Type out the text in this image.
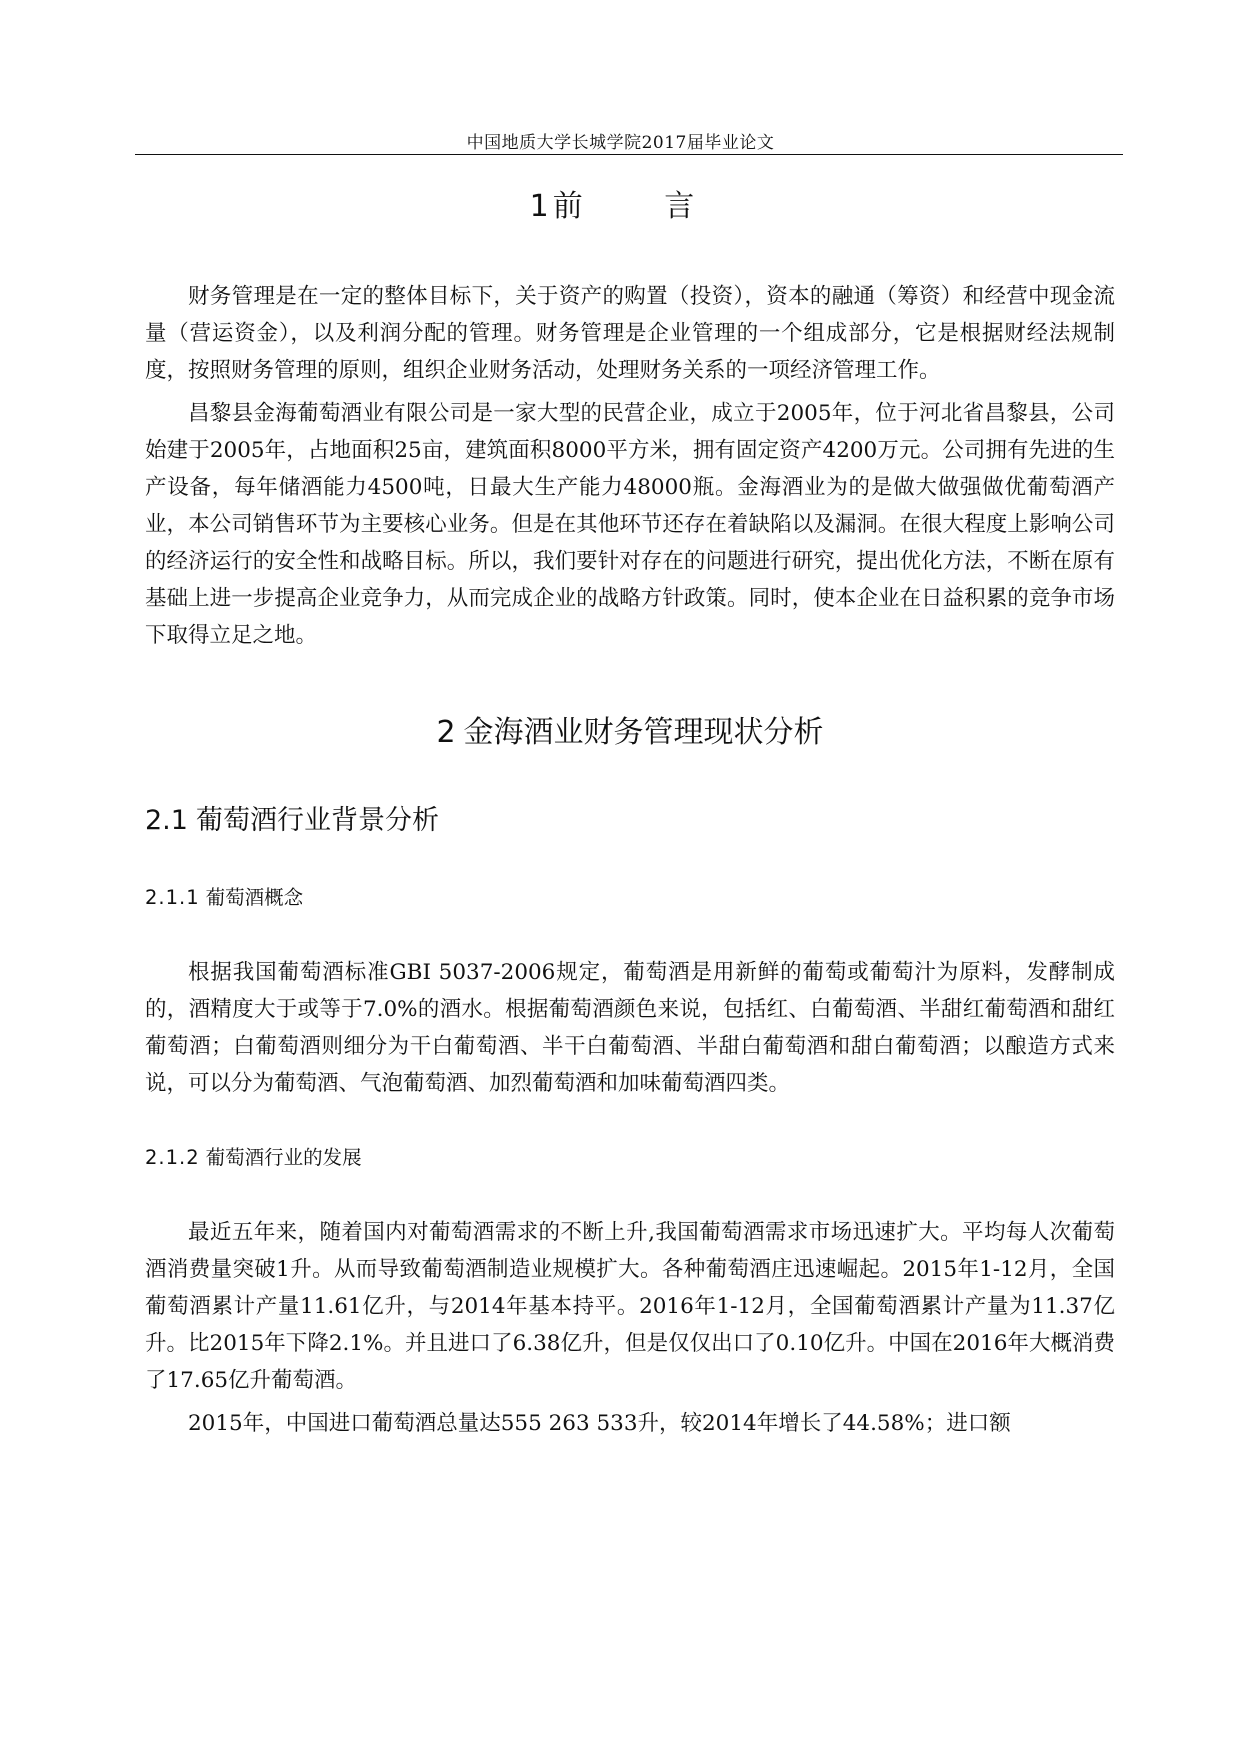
中国地质大学长城学院2017届毕业论文
1 前 言

财务管理是在一定的整体目标下，关于资产的购置（投资），资本的融通（筹资）和经营中现金流量（营运资金），以及利润分配的管理。财务管理是企业管理的一个组成部分，它是根据财经法规制度，按照财务管理的原则，组织企业财务活动，处理财务关系的一项经济管理工作。

昌黎县金海葡萄酒业有限公司是一家大型的民营企业，成立于2005年，位于河北省昌黎县，公司始建于2005年，占地面积25亩，建筑面积8000平方米，拥有固定资产4200万元。公司拥有先进的生产设备，每年储酒能力4500吨，日最大生产能力48000瓶。金海酒业为的是做大做强做优葡萄酒产业，本公司销售环节为主要核心业务。但是在其他环节还存在着缺陷以及漏洞。在很大程度上影响公司的经济运行的安全性和战略目标。所以，我们要针对存在的问题进行研究，提出优化方法，不断在原有基础上进一步提高企业竞争力，从而完成企业的战略方针政策。同时，使本企业在日益积累的竞争市场下取得立足之地。

2 金海酒业财务管理现状分析
2.1 葡萄酒行业背景分析
2.1.1 葡萄酒概念

根据我国葡萄酒标准GBI 5037-2006规定，葡萄酒是用新鲜的葡萄或葡萄汁为原料，发酵制成的，酒精度大于或等于7.0%的酒水。根据葡萄酒颜色来说，包括红、白葡萄酒、半甜红葡萄酒和甜红葡萄酒；白葡萄酒则细分为干白葡萄酒、半干白葡萄酒、半甜白葡萄酒和甜白葡萄酒；以酿造方式来说，可以分为葡萄酒、气泡葡萄酒、加烈葡萄酒和加味葡萄酒四类。

2.1.2 葡萄酒行业的发展

最近五年来，随着国内对葡萄酒需求的不断上升,我国葡萄酒需求市场迅速扩大。平均每人次葡萄酒消费量突破1升。从而导致葡萄酒制造业规模扩大。各种葡萄酒庄迅速崛起。2015年1-12月，全国葡萄酒累计产量11.61亿升，与2014年基本持平。2016年1-12月，全国葡萄酒累计产量为11.37亿升。比2015年下降2.1%。并且进口了6.38亿升，但是仅仅出口了0.10亿升。中国在2016年大概消费了17.65亿升葡萄酒。

2015年，中国进口葡萄酒总量达555 263 533升，较2014年增长了44.58%；进口额
